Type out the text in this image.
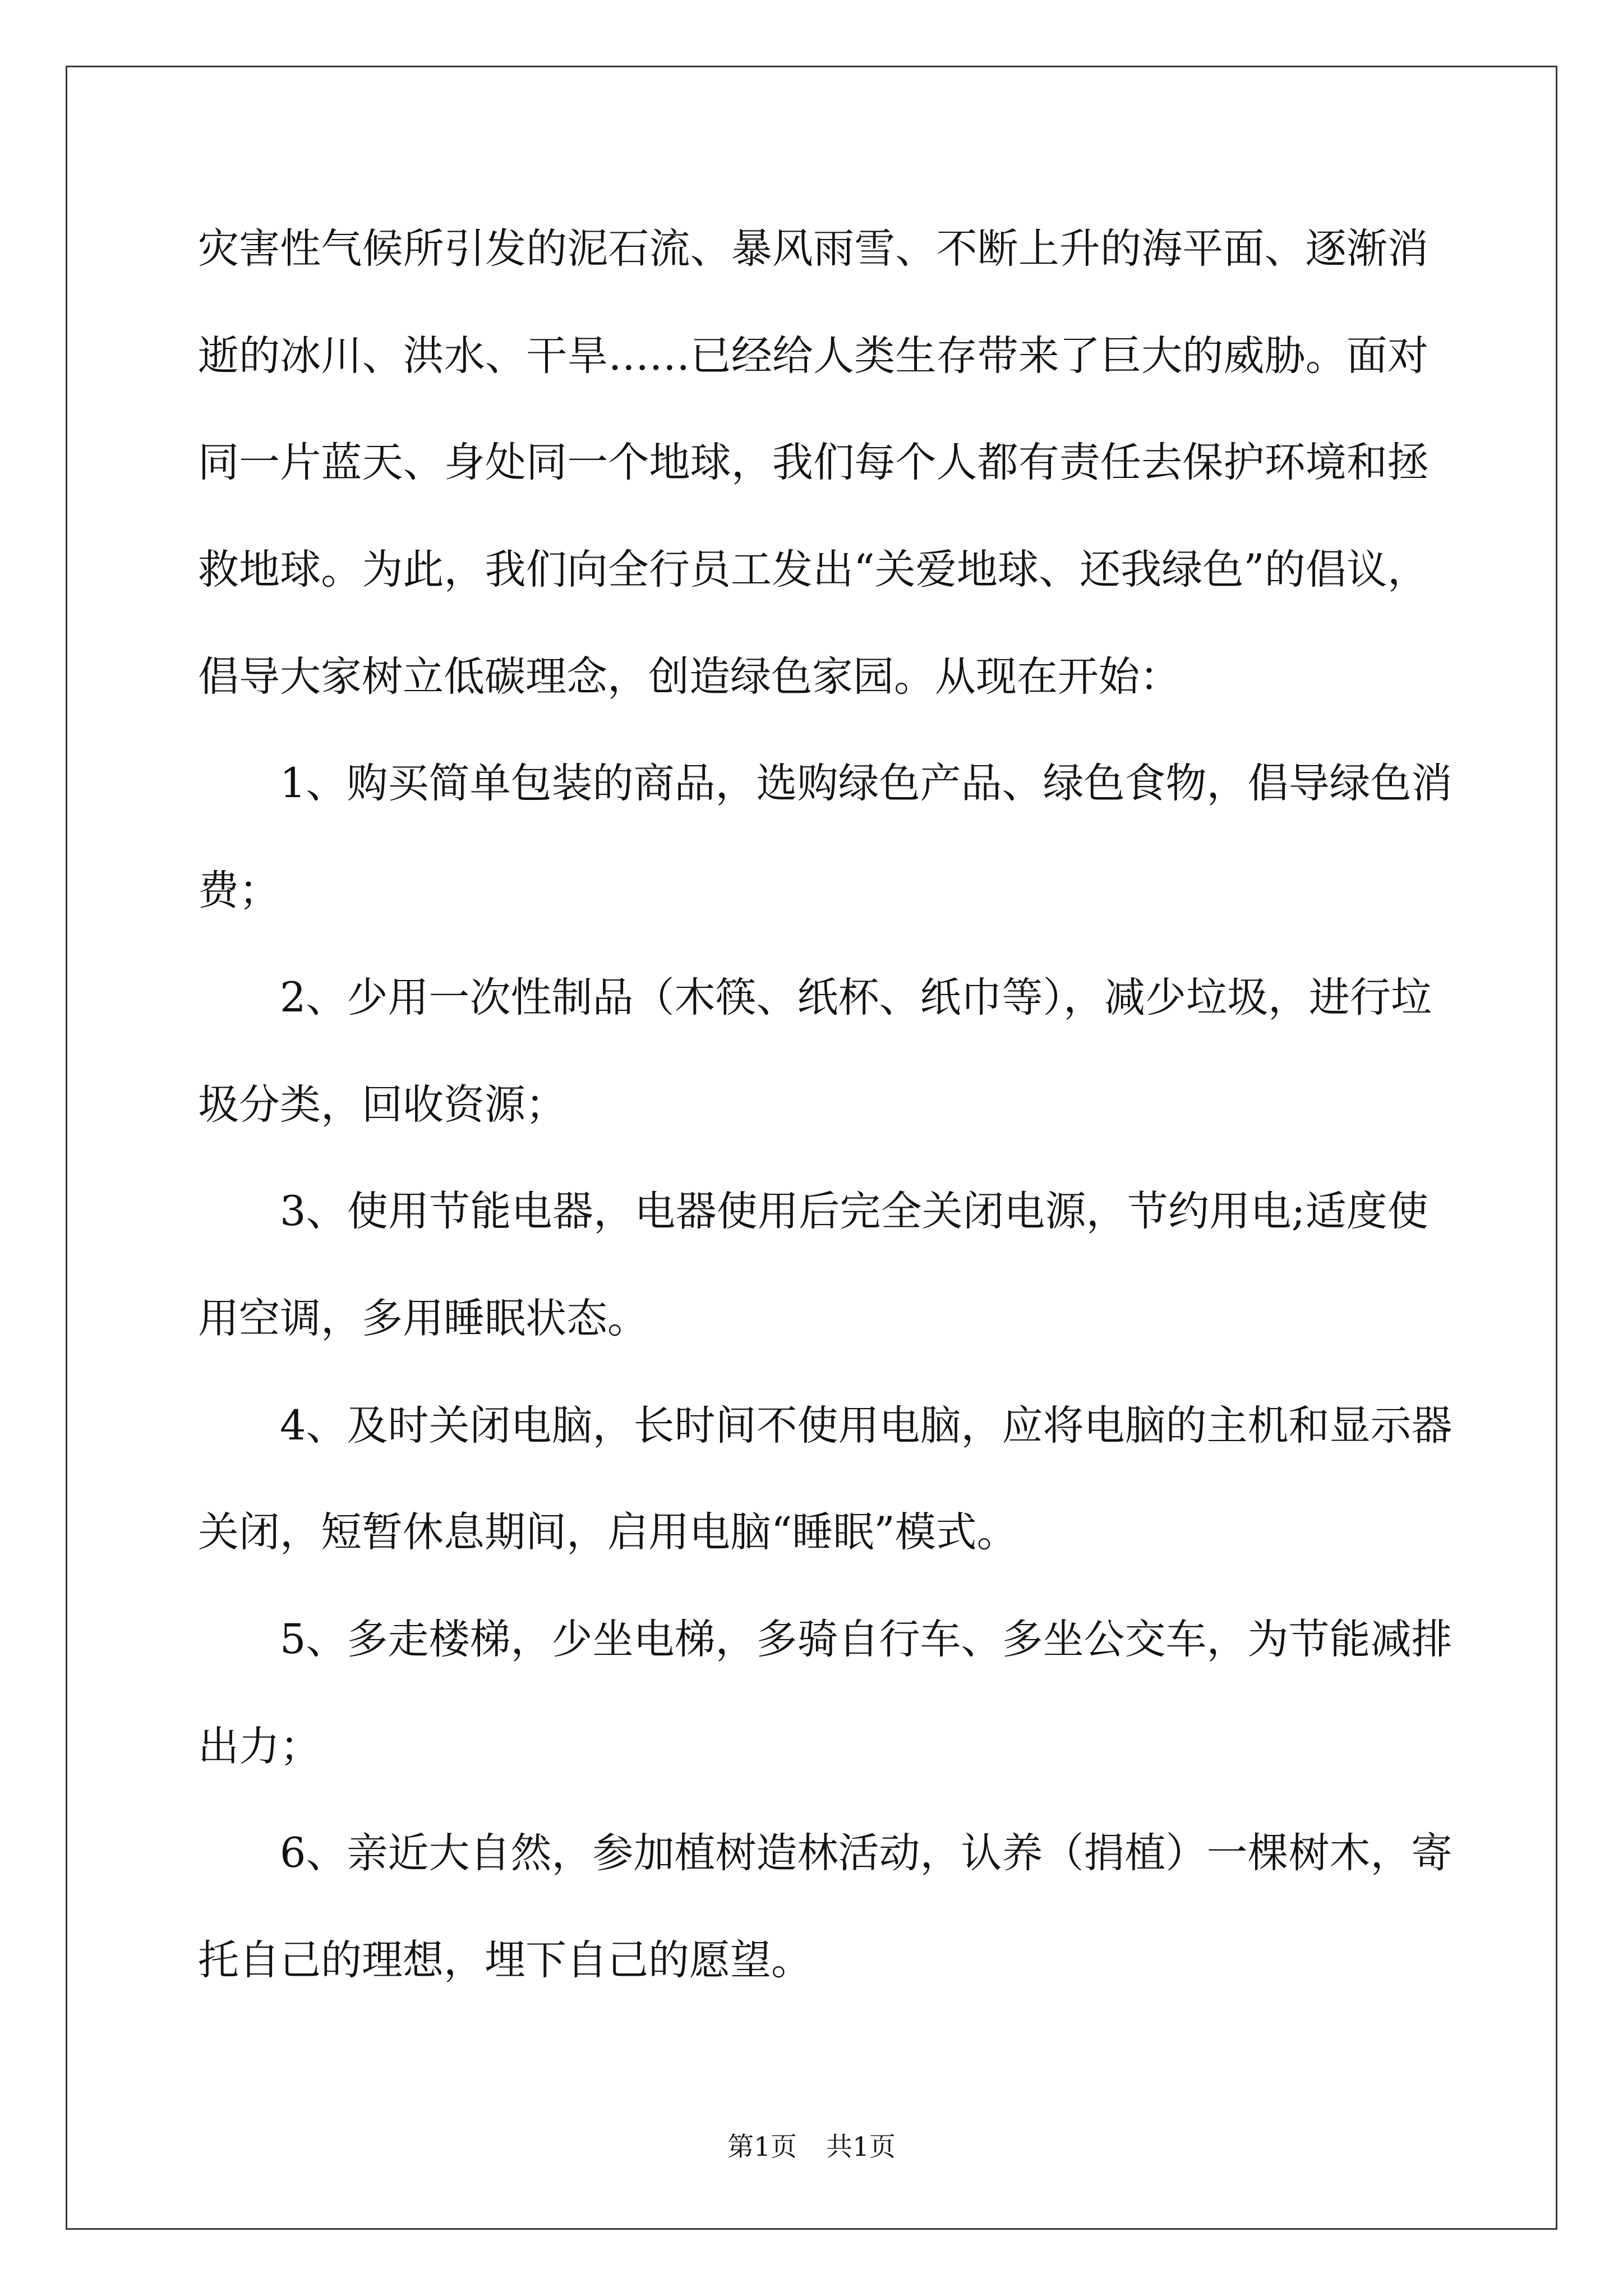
灾害性气候所引发的泥石流、暴风雨雪、不断上升的海平面、逐渐消
逝的冰川、洪水、干旱……已经给人类生存带来了巨大的威胁。面对
同一片蓝天、身处同一个地球，我们每个人都有责任去保护环境和拯
救地球。为此，我们向全行员工发出“关爱地球、还我绿色”的倡议，
倡导大家树立低碳理念，创造绿色家园。从现在开始：
1、购买简单包装的商品，选购绿色产品、绿色食物，倡导绿色消
费；
2、少用一次性制品（木筷、纸杯、纸巾等），减少垃圾，进行垃
圾分类，回收资源；
3、使用节能电器，电器使用后完全关闭电源，节约用电;适度使
用空调，多用睡眠状态。
4、及时关闭电脑，长时间不使用电脑，应将电脑的主机和显示器
关闭，短暂休息期间，启用电脑“睡眠”模式。
5、多走楼梯，少坐电梯，多骑自行车、多坐公交车，为节能减排
出力；
6、亲近大自然，参加植树造林活动，认养（捐植）一棵树木，寄
托自己的理想，埋下自己的愿望。
第1页 共1页
